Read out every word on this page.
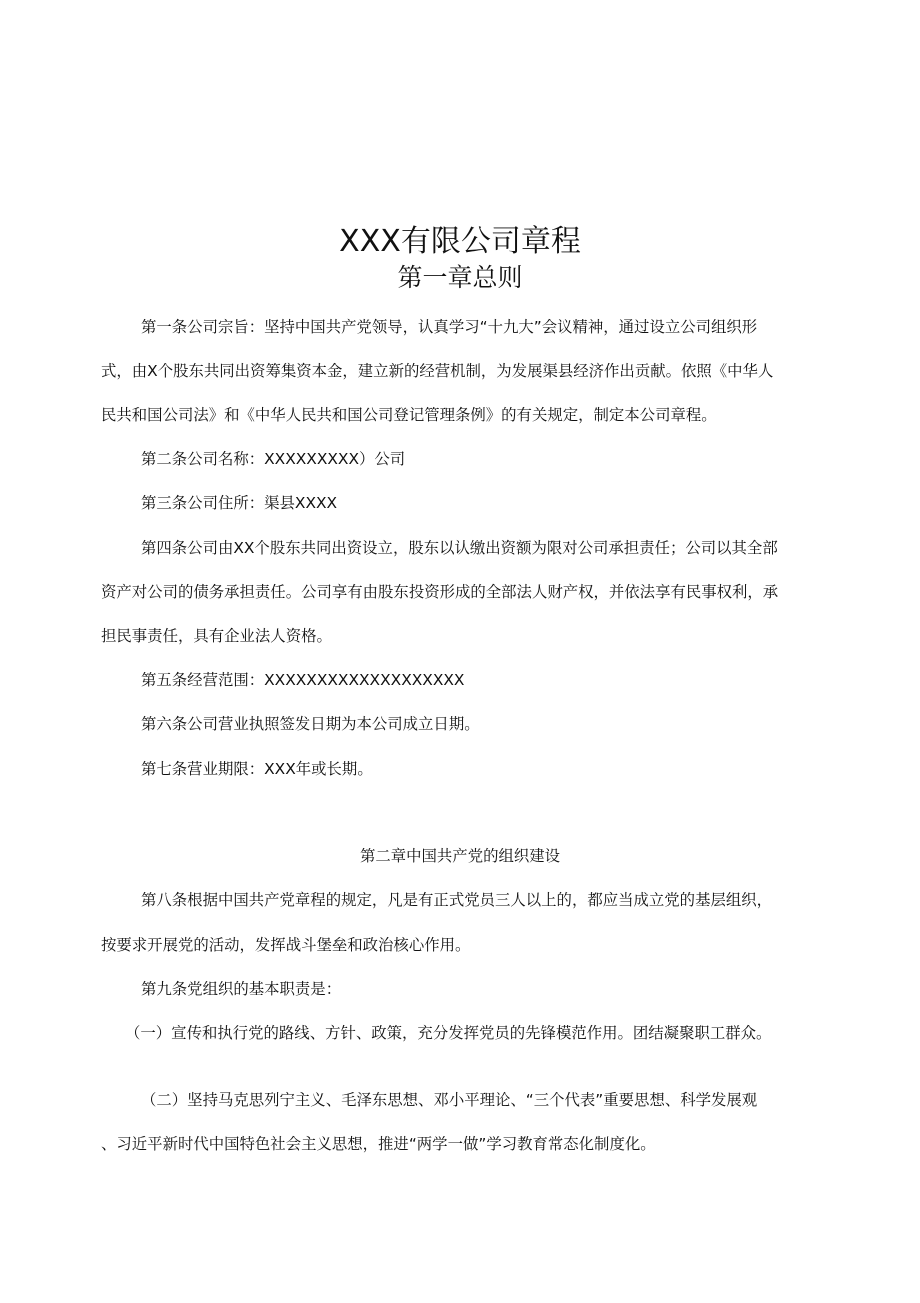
XXX有限公司章程
第一章总则
第一条公司宗旨：坚持中国共产党领导，认真学习“十九大”会议精神，通过设立公司组织形
式，由X个股东共同出资筹集资本金，建立新的经营机制，为发展渠县经济作出贡献。依照《中华人
民共和国公司法》和《中华人民共和国公司登记管理条例》的有关规定，制定本公司章程。
第二条公司名称：XXXXXXXXX）公司
第三条公司住所：渠县XXXX
第四条公司由XX个股东共同出资设立，股东以认缴出资额为限对公司承担责任；公司以其全部
资产对公司的债务承担责任。公司享有由股东投资形成的全部法人财产权，并依法享有民事权利，承
担民事责任，具有企业法人资格。
第五条经营范围：XXXXXXXXXXXXXXXXXXX
第六条公司营业执照签发日期为本公司成立日期。
第七条营业期限：XXX年或长期。
第二章中国共产党的组织建设
第八条根据中国共产党章程的规定，凡是有正式党员三人以上的，都应当成立党的基层组织，
按要求开展党的活动，发挥战斗堡垒和政治核心作用。
第九条党组织的基本职责是：
（一）宣传和执行党的路线、方针、政策，充分发挥党员的先锋模范作用。团结凝聚职工群众。
（二）坚持马克思列宁主义、毛泽东思想、邓小平理论、“三个代表”重要思想、科学发展观
、习近平新时代中国特色社会主义思想，推进“两学一做”学习教育常态化制度化。
